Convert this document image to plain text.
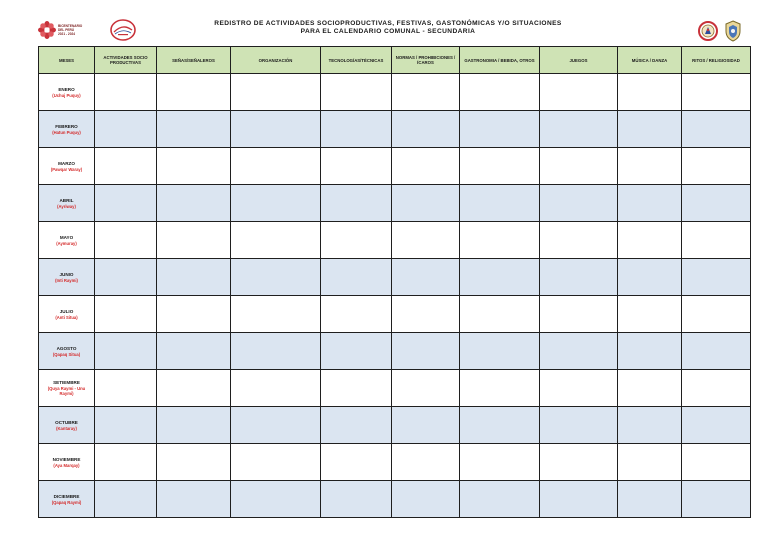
BICENTENARIO
DEL PERÚ
2021 - 2024
REDISTRO DE ACTIVIDADES SOCIOPRODUCTIVAS, FESTIVAS, GASTONÓMICAS Y/O SITUACIONES
PARA EL CALENDARIO COMUNAL - SECUNDARIA
MESES	ACTIVIDADES SOCIO PRODUCTIVAS	SEÑAS/SEÑALEROS	ORGANIZACIÓN	TECNOLOGÍAS/TÉCNICAS	NORMAS / PROHIBICIONES / ÍCAROS	GASTRONOMIA / BEBIDA, OTROS	JUEGOS	MÚSICA / DANZA	RITOS / RELIGIOSIDAD

ENERO
(Uchuj Puquy)									

FEBRERO
(Hatun Puquy)									

MARZO
(Pawqar Waray)									

ABRIL
(Ayriway)									

MAYO
(Aymuray)									

JUNIO
(Inti Raymi)									

JULIO
(Anti Situa)									

AGOSTO
(Qapaq Situa)									

SETIEMBRE
(Quya Raymi - Unu Raymi)									

OCTUBRE
(Kantaray)									

NOVIEMBRE
(Aya Marqay)									

DICIEMBRE
(Qapaq Raymi)									
